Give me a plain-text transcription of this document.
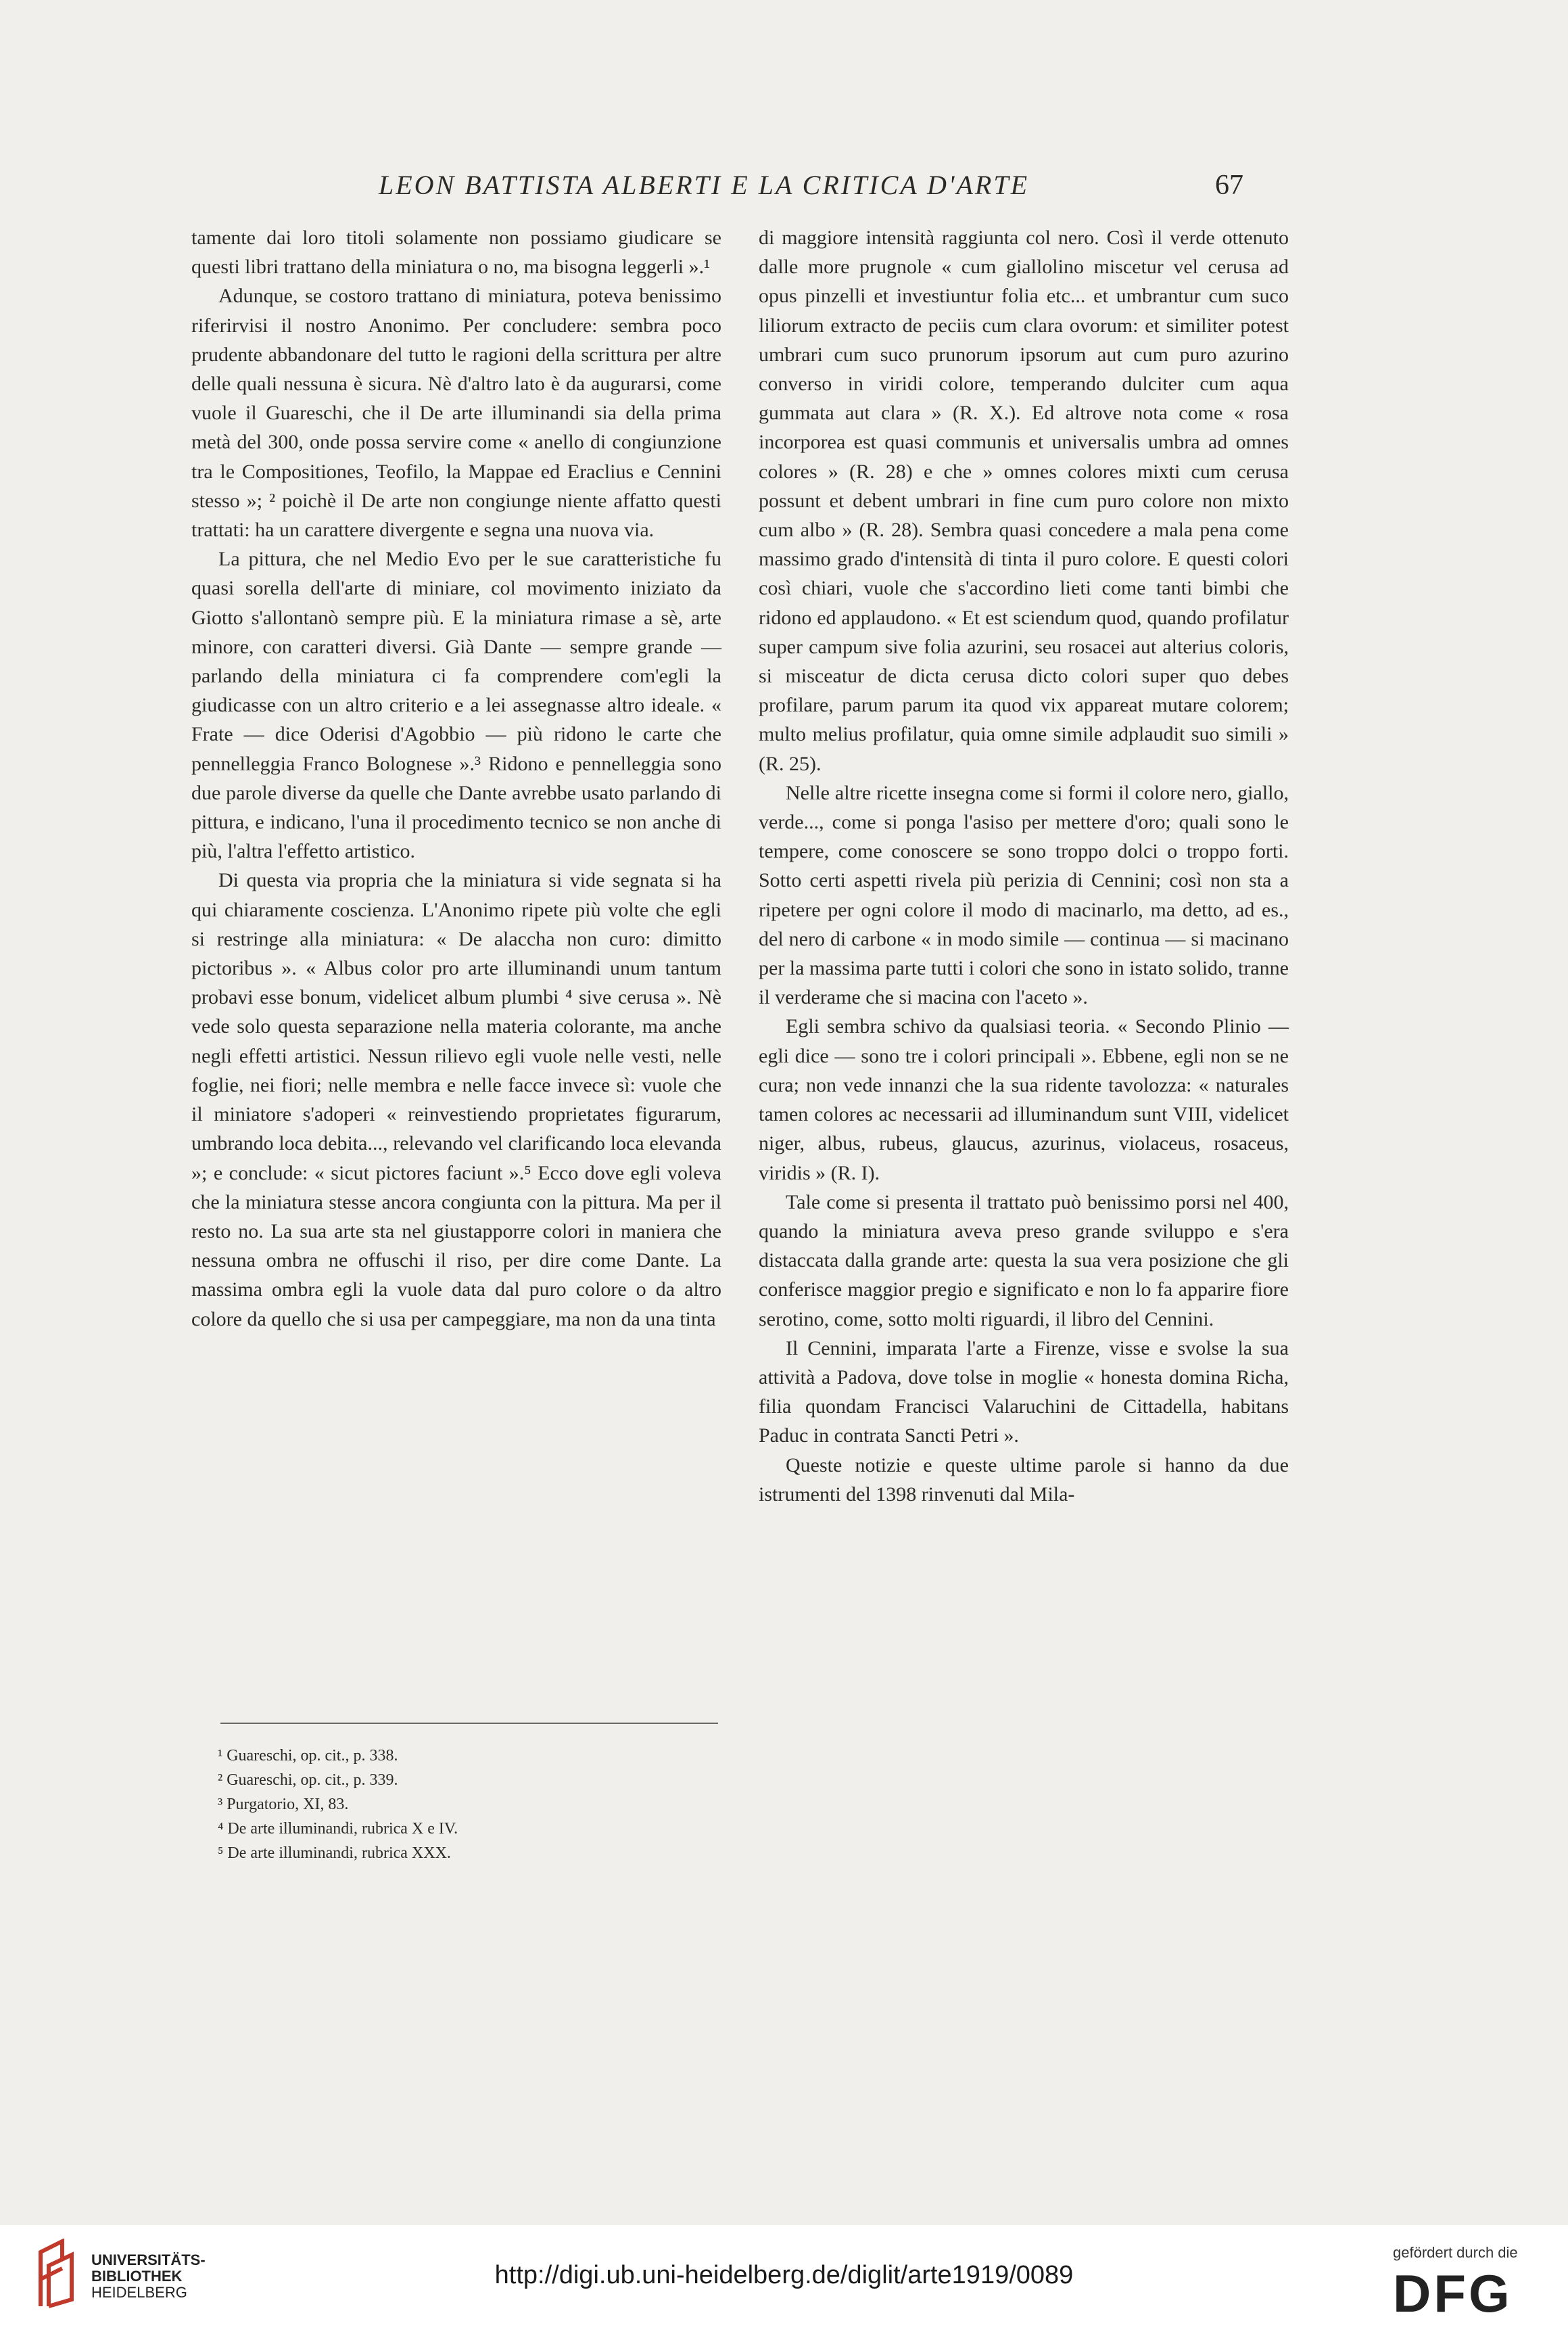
LEON BATTISTA ALBERTI E LA CRITICA D'ARTE	67

tamente dai loro titoli solamente non possiamo giudicare se questi libri trattano della miniatura o no, ma bisogna leggerli ».¹

Adunque, se costoro trattano di miniatura, poteva benissimo riferirvisi il nostro Anonimo. Per concludere: sembra poco prudente abbandonare del tutto le ragioni della scrittura per altre delle quali nessuna è sicura. Nè d'altro lato è da augurarsi, come vuole il Guareschi, che il De arte illuminandi sia della prima metà del 300, onde possa servire come « anello di congiunzione tra le Compositiones, Teofilo, la Mappae ed Eraclius e Cennini stesso »; ² poichè il De arte non congiunge niente affatto questi trattati: ha un carattere divergente e segna una nuova via.

La pittura, che nel Medio Evo per le sue caratteristiche fu quasi sorella dell'arte di miniare, col movimento iniziato da Giotto s'allontanò sempre più. E la miniatura rimase a sè, arte minore, con caratteri diversi. Già Dante — sempre grande — parlando della miniatura ci fa comprendere com'egli la giudicasse con un altro criterio e a lei assegnasse altro ideale. « Frate — dice Oderisi d'Agobbio — più ridono le carte che pennelleggia Franco Bolognese ».³ Ridono e pennelleggia sono due parole diverse da quelle che Dante avrebbe usato parlando di pittura, e indicano, l'una il procedimento tecnico se non anche di più, l'altra l'effetto artistico.

Di questa via propria che la miniatura si vide segnata si ha qui chiaramente coscienza. L'Anonimo ripete più volte che egli si restringe alla miniatura: « De alaccha non curo: dimitto pictoribus ». « Albus color pro arte illuminandi unum tantum probavi esse bonum, videlicet album plumbi ⁴ sive cerusa ». Nè vede solo questa separazione nella materia colorante, ma anche negli effetti artistici. Nessun rilievo egli vuole nelle vesti, nelle foglie, nei fiori; nelle membra e nelle facce invece sì: vuole che il miniatore s'adoperi « reinvestiendo proprietates figurarum, umbrando loca debita..., relevando vel clarificando loca elevanda »; e conclude: « sicut pictores faciunt ».⁵ Ecco dove egli voleva che la miniatura stesse ancora congiunta con la pittura. Ma per il resto no. La sua arte sta nel giustapporre colori in maniera che nessuna ombra ne offuschi il riso, per dire come Dante. La massima ombra egli la vuole data dal puro colore o da altro colore da quello che si usa per campeggiare, ma non da una tinta

di maggiore intensità raggiunta col nero. Così il verde ottenuto dalle more prugnole « cum giallolino miscetur vel cerusa ad opus pinzelli et investiuntur folia etc... et umbrantur cum suco liliorum extracto de peciis cum clara ovorum: et similiter potest umbrari cum suco prunorum ipsorum aut cum puro azurino converso in viridi colore, temperando dulciter cum aqua gummata aut clara » (R. X.). Ed altrove nota come « rosa incorporea est quasi communis et universalis umbra ad omnes colores » (R. 28) e che » omnes colores mixti cum cerusa possunt et debent umbrari in fine cum puro colore non mixto cum albo » (R. 28). Sembra quasi concedere a mala pena come massimo grado d'intensità di tinta il puro colore. E questi colori così chiari, vuole che s'accordino lieti come tanti bimbi che ridono ed applaudono. « Et est sciendum quod, quando profilatur super campum sive folia azurini, seu rosacei aut alterius coloris, si misceatur de dicta cerusa dicto colori super quo debes profilare, parum parum ita quod vix appareat mutare colorem; multo melius profilatur, quia omne simile adplaudit suo simili » (R. 25).

Nelle altre ricette insegna come si formi il colore nero, giallo, verde..., come si ponga l'asiso per mettere d'oro; quali sono le tempere, come conoscere se sono troppo dolci o troppo forti. Sotto certi aspetti rivela più perizia di Cennini; così non sta a ripetere per ogni colore il modo di macinarlo, ma detto, ad es., del nero di carbone « in modo simile — continua — si macinano per la massima parte tutti i colori che sono in istato solido, tranne il verderame che si macina con l'aceto ».

Egli sembra schivo da qualsiasi teoria. « Secondo Plinio — egli dice — sono tre i colori principali ». Ebbene, egli non se ne cura; non vede innanzi che la sua ridente tavolozza: « naturales tamen colores ac necessarii ad illuminandum sunt VIII, videlicet niger, albus, rubeus, glaucus, azurinus, violaceus, rosaceus, viridis » (R. I).

Tale come si presenta il trattato può benissimo porsi nel 400, quando la miniatura aveva preso grande sviluppo e s'era distaccata dalla grande arte: questa la sua vera posizione che gli conferisce maggior pregio e significato e non lo fa apparire fiore serotino, come, sotto molti riguardi, il libro del Cennini.

Il Cennini, imparata l'arte a Firenze, visse e svolse la sua attività a Padova, dove tolse in moglie « honesta domina Richa, filia quondam Francisci Valaruchini de Cittadella, habitans Paduc in contrata Sancti Petri ».

Queste notizie e queste ultime parole si hanno da due istrumenti del 1398 rinvenuti dal Mila-

¹ Guareschi, op. cit., p. 338.
² Guareschi, op. cit., p. 339.
³ Purgatorio, XI, 83.
⁴ De arte illuminandi, rubrica X e IV.
⁵ De arte illuminandi, rubrica XXX.
UNIVERSITÄTS-
BIBLIOTHEK
HEIDELBERG
http://digi.ub.uni-heidelberg.de/diglit/arte1919/0089
gefördert durch die
DFG
